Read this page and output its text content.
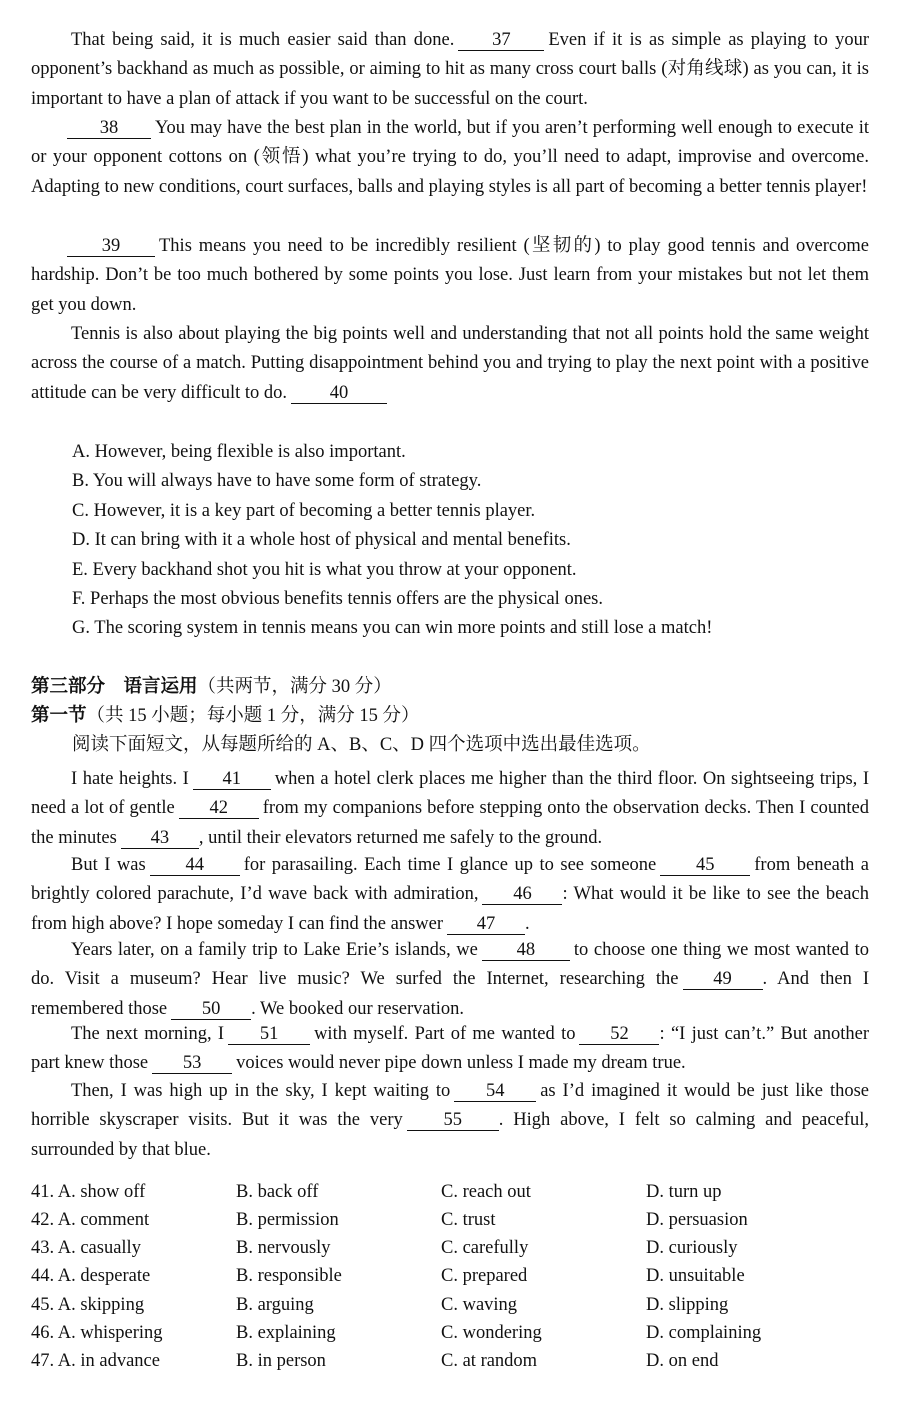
That being said, it is much easier said than done. 37 Even if it is as simple as playing to your opponent’s backhand as much as possible, or aiming to hit as many cross court balls (对角线球) as you can, it is important to have a plan of attack if you want to be successful on the court.

38 You may have the best plan in the world, but if you aren’t performing well enough to execute it or your opponent cottons on (领悟) what you’re trying to do, you’ll need to adapt, improvise and overcome. Adapting to new conditions, court surfaces, balls and playing styles is all part of becoming a better tennis player!

39 This means you need to be incredibly resilient (坚韧的) to play good tennis and overcome hardship. Don’t be too much bothered by some points you lose. Just learn from your mistakes but not let them get you down.

Tennis is also about playing the big points well and understanding that not all points hold the same weight across the course of a match. Putting disappointment behind you and trying to play the next point with a positive attitude can be very difficult to do. 40

A. However, being flexible is also important.

B. You will always have to have some form of strategy.

C. However, it is a key part of becoming a better tennis player.

D. It can bring with it a whole host of physical and mental benefits.

E. Every backhand shot you hit is what you throw at your opponent.

F. Perhaps the most obvious benefits tennis offers are the physical ones.

G. The scoring system in tennis means you can win more points and still lose a match!

第三部分　语言运用（共两节，满分 30 分）
第一节（共 15 小题；每小题 1 分，满分 15 分）
阅读下面短文，从每题所给的 A、B、C、D 四个选项中选出最佳选项。

I hate heights. I 41 when a hotel clerk places me higher than the third floor. On sightseeing trips, I need a lot of gentle 42 from my companions before stepping onto the observation decks. Then I counted the minutes 43 , until their elevators returned me safely to the ground.

But I was 44 for parasailing. Each time I glance up to see someone 45 from beneath a brightly colored parachute, I’d wave back with admiration, 46 : What would it be like to see the beach from high above? I hope someday I can find the answer 47 .

Years later, on a family trip to Lake Erie’s islands, we 48 to choose one thing we most wanted to do. Visit a museum? Hear live music? We surfed the Internet, researching the 49 . And then I remembered those 50 . We booked our reservation.

The next morning, I 51 with myself. Part of me wanted to 52 : “I just can’t.” But another part knew those 53 voices would never pipe down unless I made my dream true.

Then, I was high up in the sky, I kept waiting to 54 as I’d imagined it would be just like those horrible skyscraper visits. But it was the very 55 . High above, I felt so calming and peaceful, surrounded by that blue.

41. A. show off	B. back off	C. reach out	D. turn up
42. A. comment	B. permission	C. trust	D. persuasion
43. A. casually	B. nervously	C. carefully	D. curiously
44. A. desperate	B. responsible	C. prepared	D. unsuitable
45. A. skipping	B. arguing	C. waving	D. slipping
46. A. whispering	B. explaining	C. wondering	D. complaining
47. A. in advance	B. in person	C. at random	D. on end
